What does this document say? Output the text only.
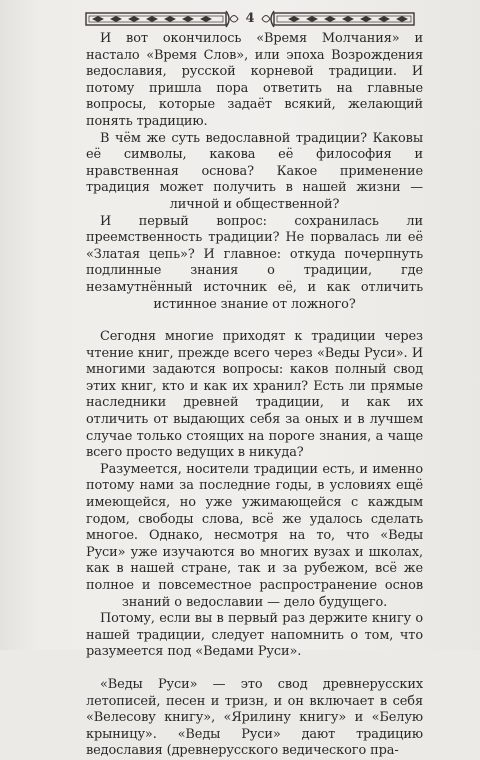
4

И вот окончилось «Время Молчания» и настало «Время Слов», или эпоха Возрождения ведославия, русской корневой традиции. И потому пришла пора ответить на главные вопросы, которые задаёт всякий, желающий понять традицию.

В чём же суть ведославной традиции? Каковы её символы, какова её философия и нравственная основа? Какое применение традиция может получить в нашей жизни — личной и общественной?

И первый вопрос: сохранилась ли преемственность традиции? Не порвалась ли её «Златая цепь»? И главное: откуда почерпнуть подлинные знания о традиции, где незамутнённый источник её, и как отличить истинное знание от ложного?

Сегодня многие приходят к традиции через чтение книг, прежде всего через «Веды Руси». И многими задаются вопросы: каков полный свод этих книг, кто и как их хранил? Есть ли прямые наследники древней традиции, и как их отличить от выдающих себя за оных и в лучшем случае только стоящих на пороге знания, а чаще всего просто ведущих в никуда?

Разумеется, носители традиции есть, и именно потому нами за последние годы, в условиях ещё имеющейся, но уже ужимающейся с каждым годом, свободы слова, всё же удалось сделать многое. Однако, несмотря на то, что «Веды Руси» уже изучаются во многих вузах и школах, как в нашей стране, так и за рубежом, всё же полное и повсеместное распространение основ знаний о ведославии — дело будущего.

Потому, если вы в первый раз держите книгу о нашей традиции, следует напомнить о том, что разумеется под «Ведами Руси».

«Веды Руси» — это свод древнерусских летописей, песен и тризн, и он включает в себя «Велесову книгу», «Ярилину книгу» и «Белую крыницу». «Веды Руси» дают традицию ведославия (древнерусского ведического пра-
